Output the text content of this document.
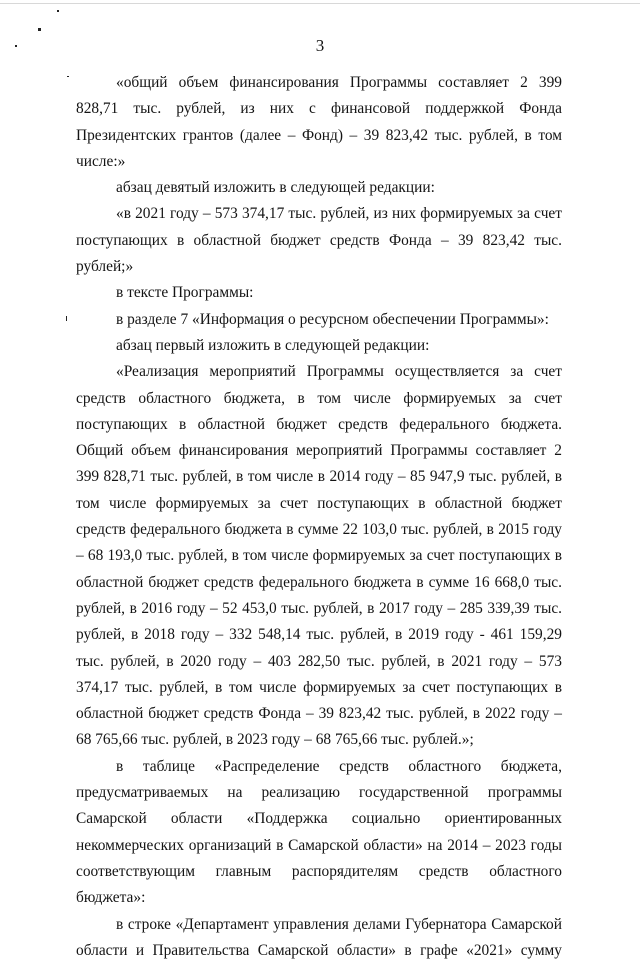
3

«общий объем финансирования Программы составляет 2 399 828,71 тыс. рублей, из них с финансовой поддержкой Фонда Президентских грантов (далее – Фонд) – 39 823,42 тыс. рублей, в том числе:»

абзац девятый изложить в следующей редакции:

«в 2021 году – 573 374,17 тыс. рублей, из них формируемых за счет поступающих в областной бюджет средств Фонда – 39 823,42 тыс. рублей;»

в тексте Программы:

в разделе 7 «Информация о ресурсном обеспечении Программы»:

абзац первый изложить в следующей редакции:

«Реализация мероприятий Программы осуществляется за счет средств областного бюджета, в том числе формируемых за счет поступающих в областной бюджет средств федерального бюджета. Общий объем финансирования мероприятий Программы составляет 2 399 828,71 тыс. рублей, в том числе в 2014 году – 85 947,9 тыс. рублей, в том числе формируемых за счет поступающих в областной бюджет средств федерального бюджета в сумме 22 103,0 тыс. рублей, в 2015 году – 68 193,0 тыс. рублей, в том числе формируемых за счет поступающих в областной бюджет средств федерального бюджета в сумме 16 668,0 тыс. рублей, в 2016 году – 52 453,0 тыс. рублей, в 2017 году – 285 339,39 тыс. рублей, в 2018 году – 332 548,14 тыс. рублей, в 2019 году - 461 159,29 тыс. рублей, в 2020 году – 403 282,50 тыс. рублей, в 2021 году – 573 374,17 тыс. рублей, в том числе формируемых за счет поступающих в областной бюджет средств Фонда – 39 823,42 тыс. рублей, в 2022 году – 68 765,66 тыс. рублей, в 2023 году – 68 765,66 тыс. рублей.»;

в таблице «Распределение средств областного бюджета, предусматриваемых на реализацию государственной программы Самарской области «Поддержка социально ориентированных некоммерческих организаций в Самарской области» на 2014 – 2023 годы соответствующим главным распорядителям средств областного бюджета»:

в строке «Департамент управления делами Губернатора Самарской области и Правительства Самарской области» в графе «2021» сумму
